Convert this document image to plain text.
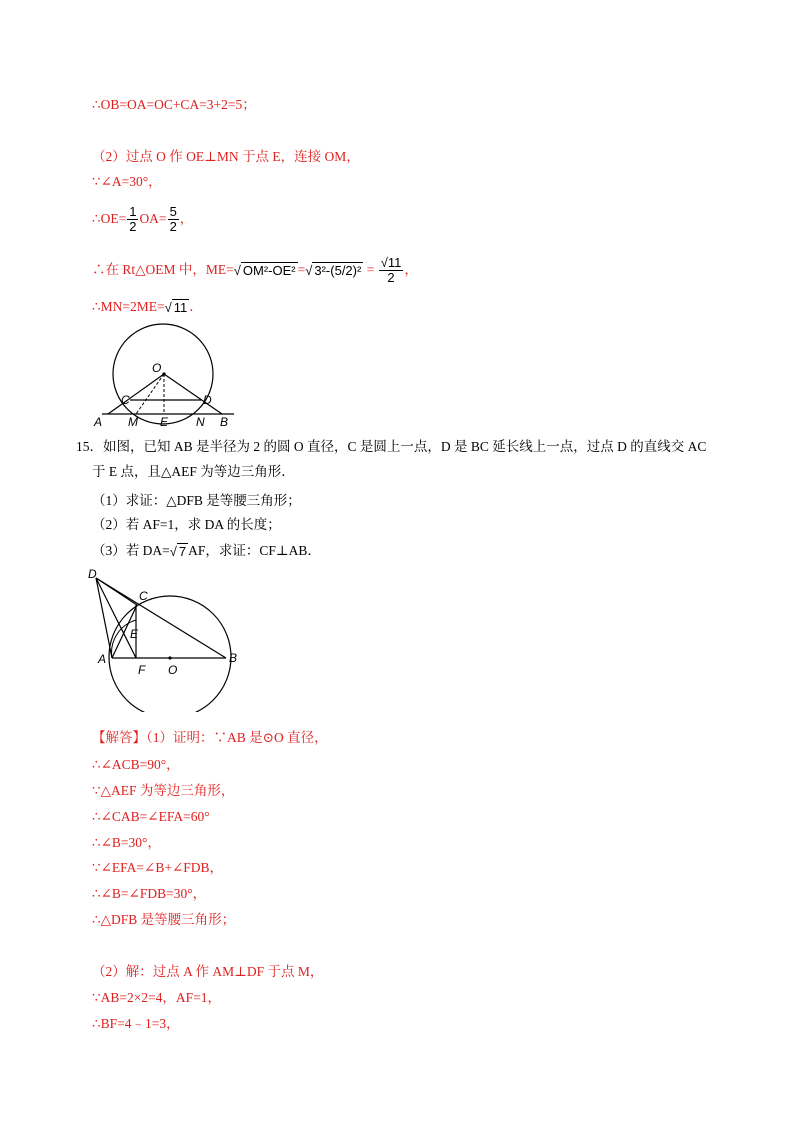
∴OB=OA=OC+CA=3+2=5；
（2）过点 O 作 OE⊥MN 于点 E，连接 OM，
∵∠A=30°，
∴OE= $\frac{1}{2} OA= \frac{5}{2}$ ，
∴在 Rt△OEM 中，ME=√ OM²-OE² =√ $3^2-(5/2)^2 = \frac{√11}{2}$ ，
∴MN=2ME=√ 11 ．
O
C	D
A M E N B
15．如图，已知 AB 是半径为 2 的圆 O 直径，C 是圆上一点，D 是 BC 延长线上一点，过点 D 的直线交 AC
于 E 点，且△AEF 为等边三角形．
（1）求证：△DFB 是等腰三角形；
（2）若 AF=1，求 DA 的长度；
（3）若 DA=√ 7 AF，求证：CF⊥AB．
D
C
E
A
F O
B
【解答】（1）证明：∵AB 是⊙O 直径，
∴∠ACB=90°，
∵△AEF 为等边三角形，
∴∠CAB=∠EFA=60°
∴∠B=30°，
∵∠EFA=∠B+∠FDB，
∴∠B=∠FDB=30°，
∴△DFB 是等腰三角形；
（2）解：过点 A 作 AM⊥DF 于点 M，
∵AB=2×2=4，AF=1，
∴BF=4﹣1=3，
